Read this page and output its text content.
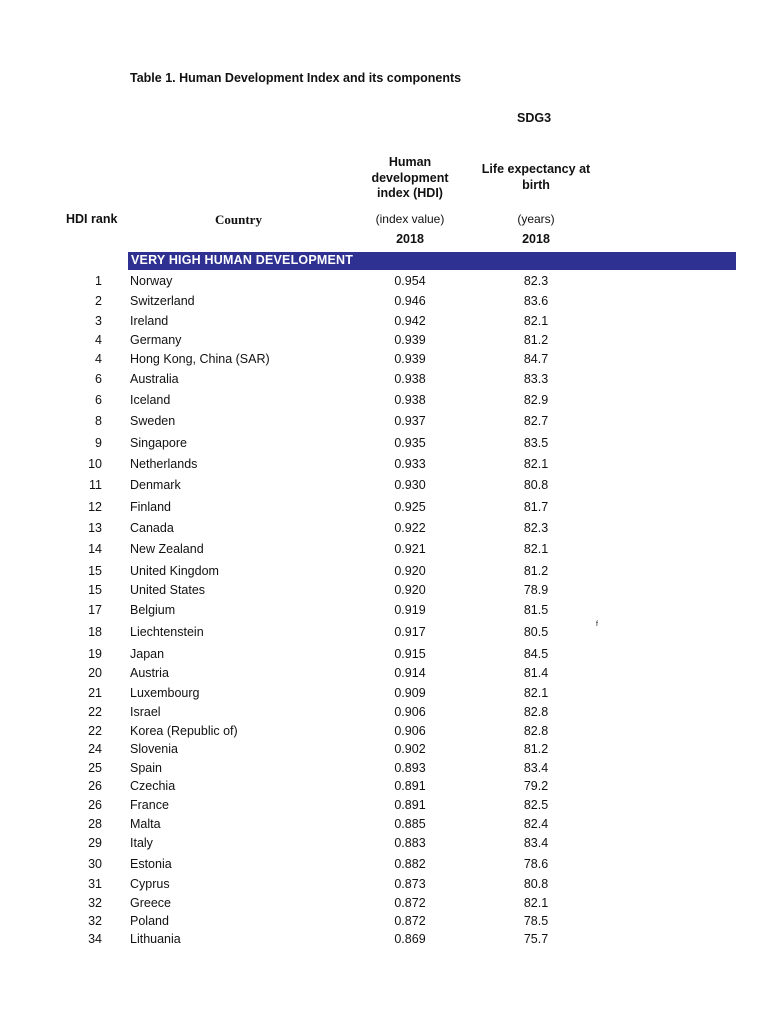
Table 1. Human Development Index and its components
SDG3
Human development index (HDI)
Life expectancy at birth
HDI rank	Country	(index value)	(years)
2018	2018
VERY HIGH HUMAN DEVELOPMENT
1 Norway	0.954	82.3
2 Switzerland	0.946	83.6
3 Ireland	0.942	82.1
4 Germany	0.939	81.2
4 Hong Kong, China (SAR)	0.939	84.7
6 Australia	0.938	83.3
6 Iceland	0.938	82.9
8 Sweden	0.937	82.7
9 Singapore	0.935	83.5
10 Netherlands	0.933	82.1
11 Denmark	0.930	80.8
12 Finland	0.925	81.7
13 Canada	0.922	82.3
14 New Zealand	0.921	82.1
15 United Kingdom	0.920	81.2
15 United States	0.920	78.9
17 Belgium	0.919	81.5
18 Liechtenstein	0.917	80.5
f
19 Japan	0.915	84.5
20 Austria	0.914	81.4
21 Luxembourg	0.909	82.1
22 Israel	0.906	82.8
22 Korea (Republic of)	0.906	82.8
24 Slovenia	0.902	81.2
25 Spain	0.893	83.4
26 Czechia	0.891	79.2
26 France	0.891	82.5
28 Malta	0.885	82.4
29 Italy	0.883	83.4
30 Estonia	0.882	78.6
31 Cyprus	0.873	80.8
32 Greece	0.872	82.1
32 Poland	0.872	78.5
34 Lithuania	0.869	75.7
